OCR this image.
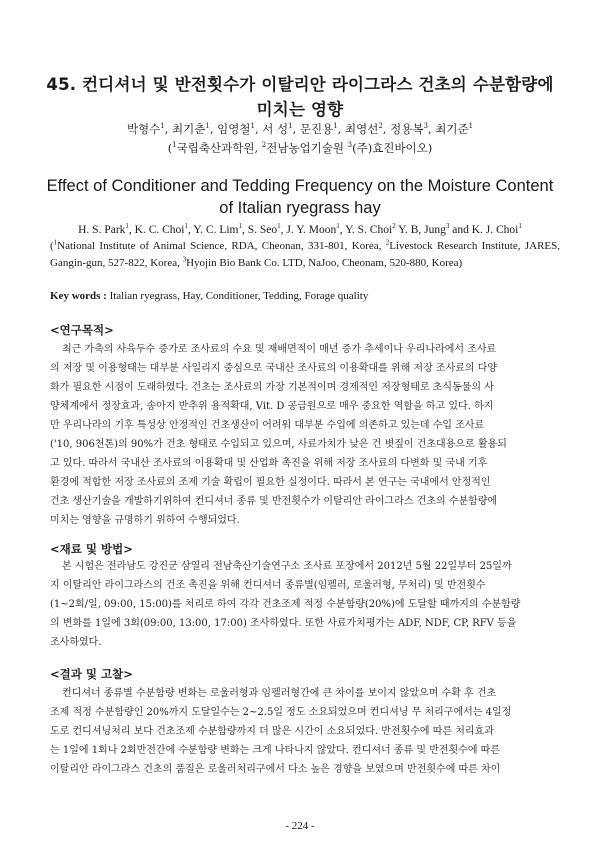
45. 컨디셔너 및 반전횟수가 이탈리안 라이그라스 건초의 수분함량에
미치는 영향
박형수$^1$, 최기춘$^1$, 임영철$^1$, 서 성$^1$, 문진용$^1$, 최영선$^2$, 정용복$^3$, 최기준$^1$
($^1$국립축산과학원, $^2$전남농업기술원 $^3$(주)효진바이오)
Effect of Conditioner and Tedding Frequency on the Moisture Content
of Italian ryegrass hay
H. S. Park$^1$, K. C. Choi$^1$, Y. C. Lim$^1$, S. Seo$^1$, J. Y. Moon$^1$, Y. S. Choi$^2$ Y. B, Jung$^3$ and K. J. Choi$^1$
($^1$National Institute of Animal Science, RDA, Cheonan, 331-801, Korea, $^2$Livestock Research Institute, JARES, Gangin-gun, 527-822, Korea, $^3$Hyojin Bio Bank Co. LTD, NaJoo, Cheonam, 520-880, Korea)
Key words : Italian ryegrass, Hay, Conditioner, Tedding, Forage quality
<연구목적>
최근 가축의 사육두수 증가로 조사료의 수요 및 재배면적이 매년 증가 추세이나 우리나라에서 조사료
의 저장 및 이용형태는 대부분 사일리지 중심으로 국내산 조사료의 이용확대를 위해 저장 조사료의 다양
화가 필요한 시점이 도래하였다. 건초는 조사료의 가장 기본적이며 경제적인 저장형태로 초식동물의 사
양체계에서 정장효과, 송아지 반추위 용적확대, Vit. D 공급원으로 매우 중요한 역할을 하고 있다. 하지
만 우리나라의 기후 특성상 안정적인 건초생산이 어려워 대부분 수입에 의존하고 있는데 수입 조사료
('10, 906천톤)의 90%가 건초 형태로 수입되고 있으며, 사료가치가 낮은 건 볏짚이 건초대용으로 활용되
고 있다. 따라서 국내산 조사료의 이용확대 및 산업화 촉진을 위해 저장 조사료의 다변화 및 국내 기후
환경에 적합한 저장 조사료의 조제 기술 확립이 필요한 실정이다. 따라서 본 연구는 국내에서 안정적인
건초 생산기술을 개발하기위하여 컨디셔너 종류 및 반전횟수가 이탈리안 라이그라스 건초의 수분함량에
미치는 영향을 규명하기 위하여 수행되었다.
<재료 및 방법>
본 시험은 전라남도 강진군 삼열리 전남축산기술연구소 조사료 포장에서 2012년 5월 22일부터 25일까
지 이탈리안 라이그라스의 건조 촉진을 위해 컨디셔너 종류별(임펠러, 로울러형, 무처리) 및 반전횟수
(1~2회/일, 09:00, 15:00)를 처리로 하여 각각 건초조제 적정 수분함량(20%)에 도달할 때까지의 수분함량
의 변화를 1일에 3회(09:00, 13:00, 17:00) 조사하였다. 또한 사료가치평가는 ADF, NDF, CP, RFV 등을
조사하였다.
<결과 및 고찰>
컨디셔너 종류별 수분함량 변화는 로울러형과 임펠러형간에 큰 차이를 보이지 않았으며 수확 후 건초
조제 적정 수분함량인 20%까지 도달일수는 2~2.5일 정도 소요되었으며 컨디셔닝 무 처리구에서는 4일정
도로 컨디셔닝처리 보다 건초조제 수분함량까지 더 많은 시간이 소요되었다. 반전횟수에 따른 처리효과
는 1일에 1회나 2회반전간에 수분함량 변화는 크게 나타나지 않았다. 컨디셔너 종류 및 반전횟수에 따른
이탈리안 라이그라스 건초의 품질은 로울러처리구에서 다소 높은 경향을 보였으며 반전횟수에 따른 차이
- 224 -
